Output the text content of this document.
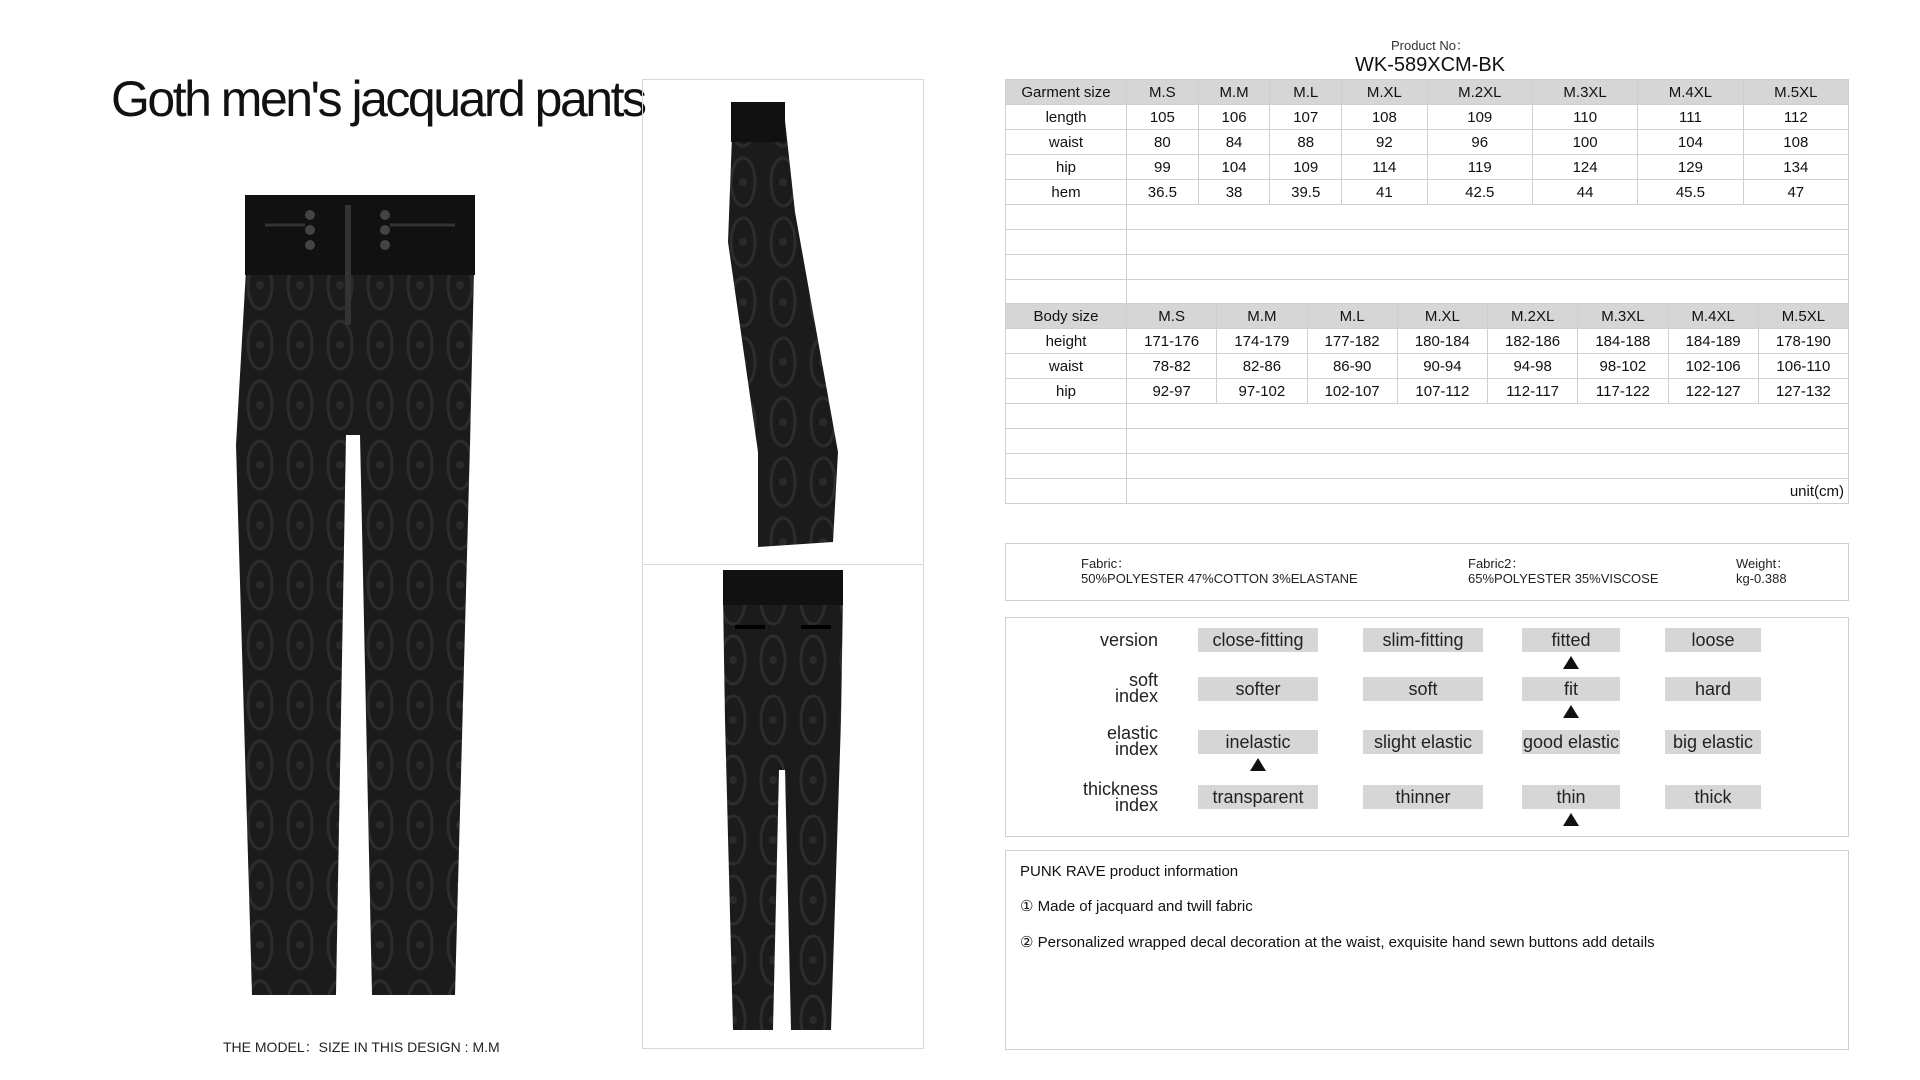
Goth men's jacquard pants
THE MODEL：SIZE IN THIS DESIGN : M.M
Product No：
WK-589XCM-BK
Garment size	M.S	M.M	M.L	M.XL	M.2XL	M.3XL	M.4XL	M.5XL
length	105	106	107	108	109	110	111	112
waist	80	84	88	92	96	100	104	108
hip	99	104	109	114	119	124	129	134
hem	36.5	38	39.5	41	42.5	44	45.5	47

Body size	M.S	M.M	M.L	M.XL	M.2XL	M.3XL	M.4XL	M.5XL
height	171-176	174-179	177-182	180-184	182-186	184-188	184-189	178-190
waist	78-82	82-86	86-90	90-94	94-98	98-102	102-106	106-110
hip	92-97	97-102	102-107	107-112	112-117	117-122	122-127	127-132

	unit(cm)							
Fabric：
50%POLYESTER 47%COTTON 3%ELASTANE
Fabric2：
65%POLYESTER 35%VISCOSE
Weight：
kg-0.388
version	close-fitting	slim-fitting	fitted	loose
soft
index	softer	soft	fit	hard
elastic
index	inelastic	slight elastic	good elastic	big elastic
thickness
index	transparent	thinner	thin	thick
PUNK RAVE product information
① Made of jacquard and twill fabric
② Personalized wrapped decal decoration at the waist, exquisite hand sewn buttons add details
